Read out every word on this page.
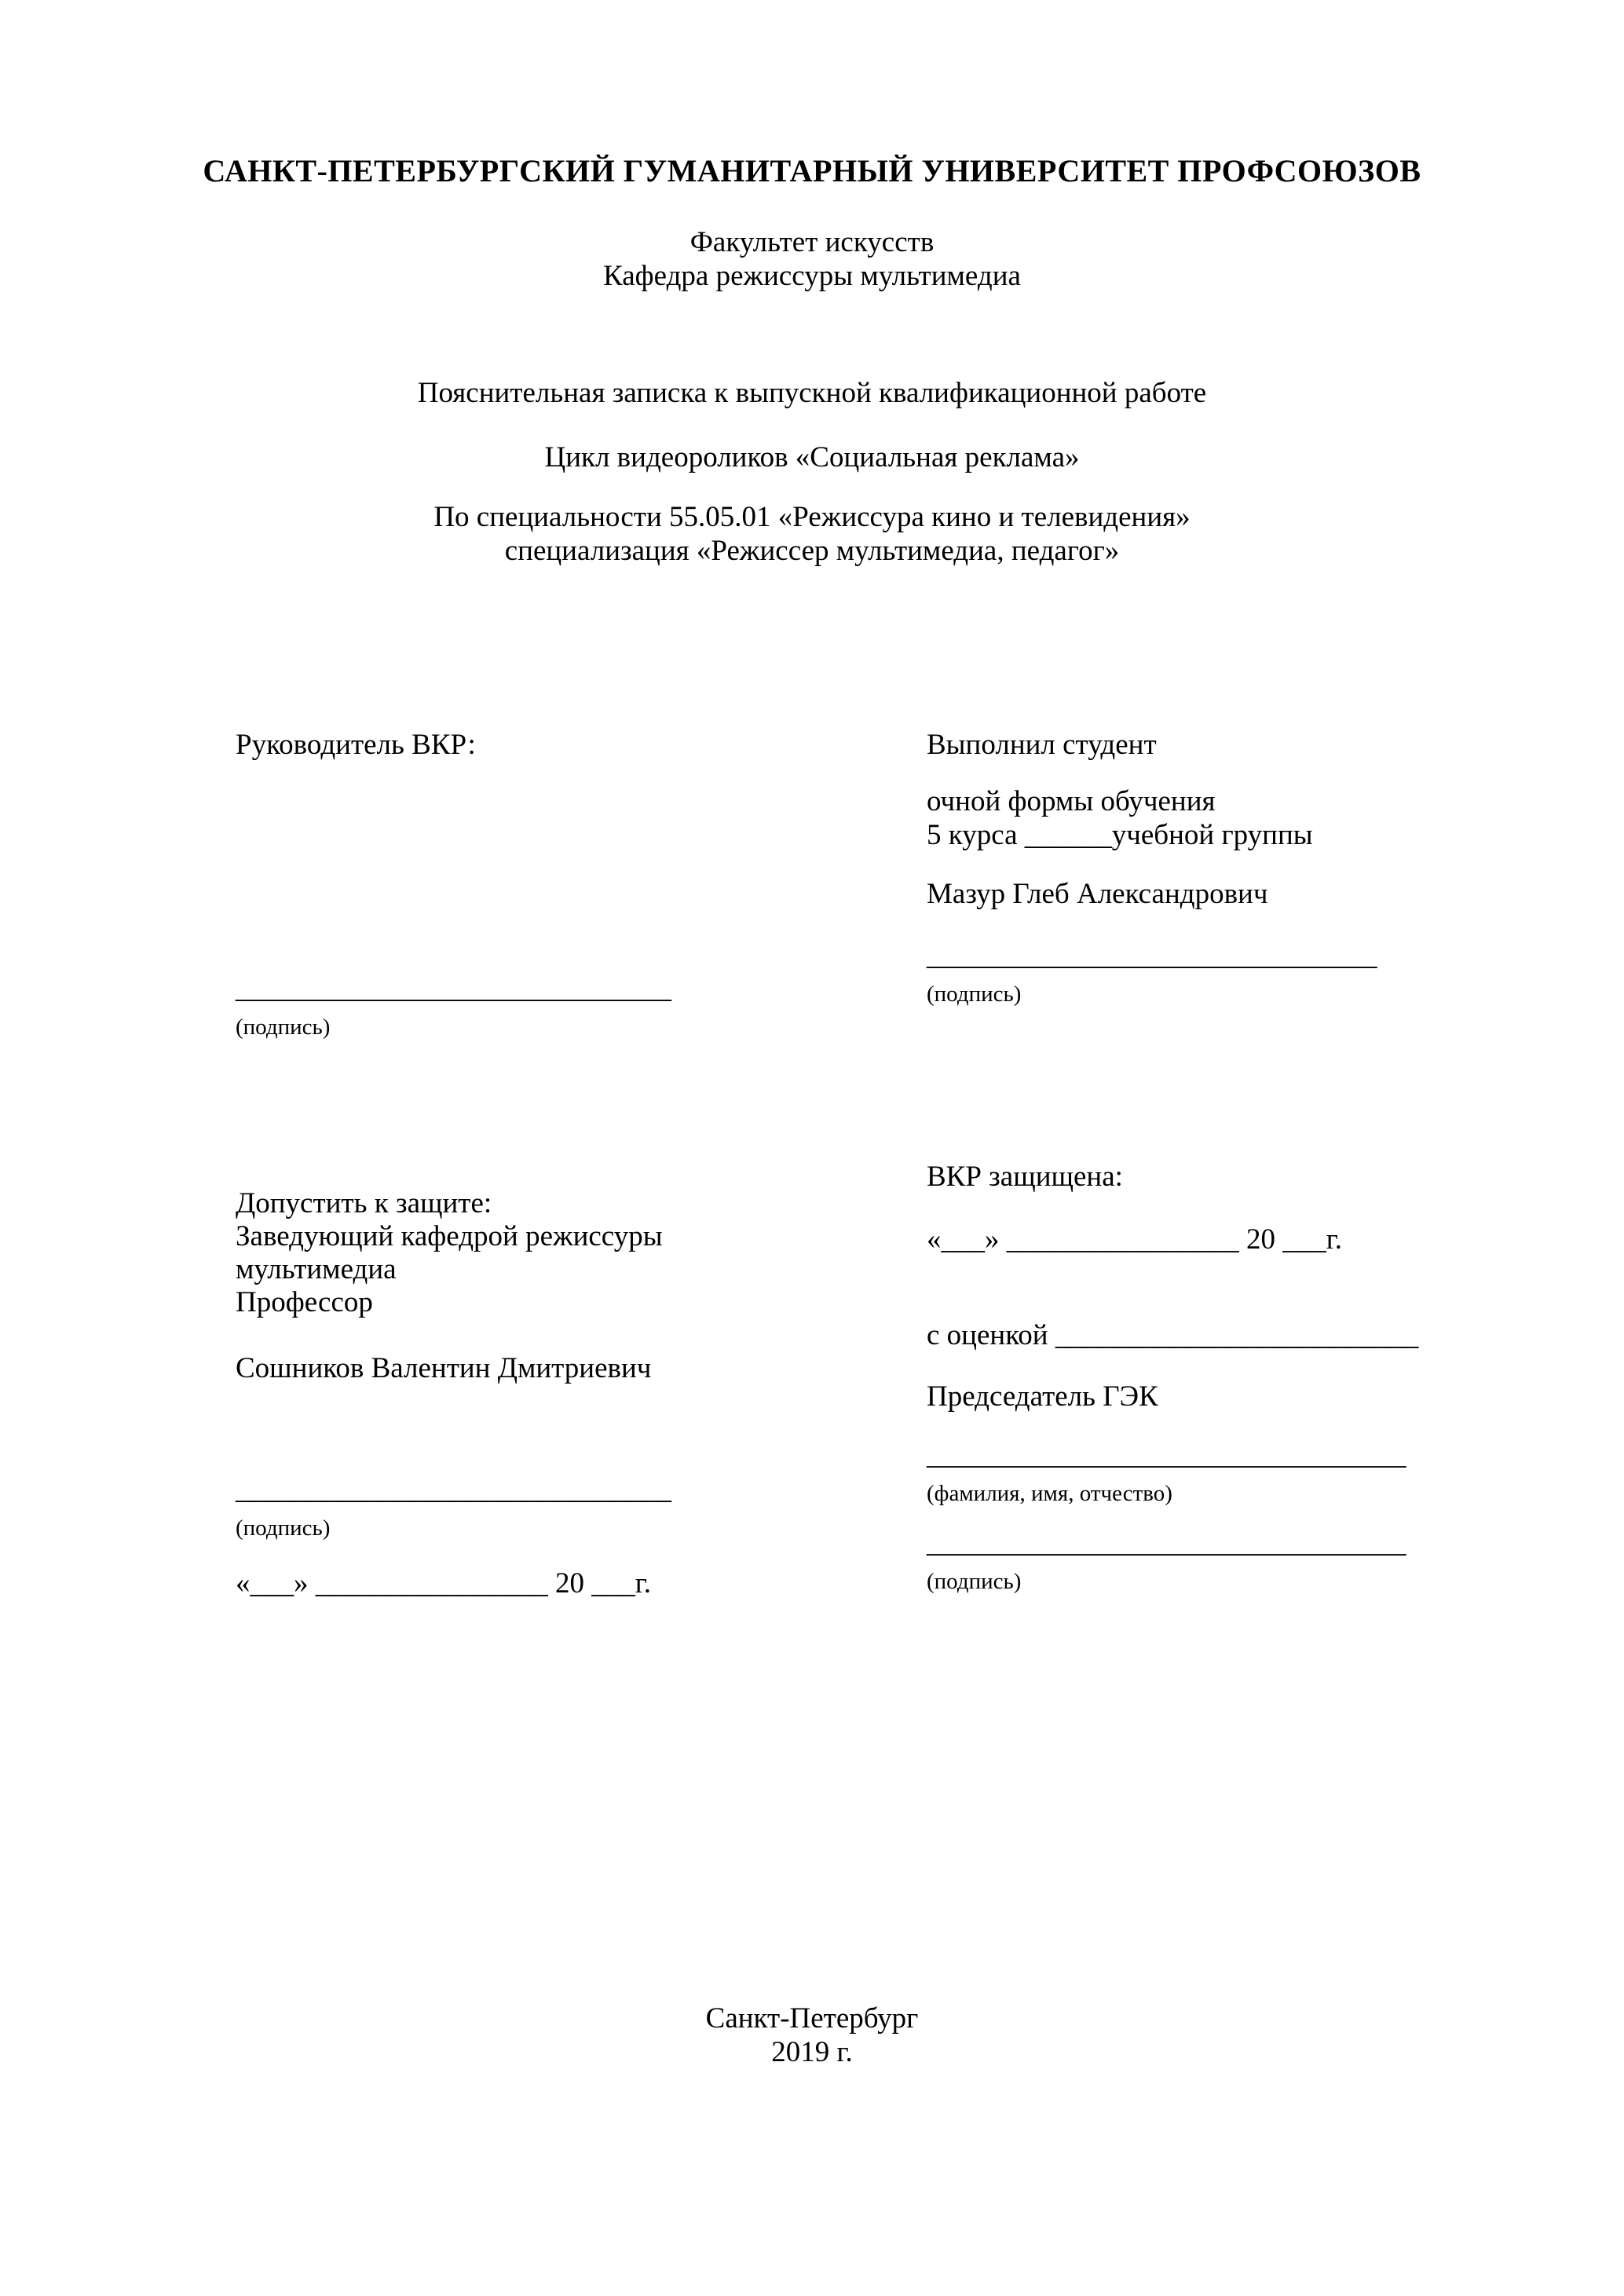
САНКТ-ПЕТЕРБУРГСКИЙ ГУМАНИТАРНЫЙ УНИВЕРСИТЕТ ПРОФСОЮЗОВ
Факультет искусств
Кафедра режиссуры мультимедиа
Пояснительная записка к выпускной квалификационной работе
Цикл видеороликов «Социальная реклама»
По специальности 55.05.01 «Режиссура кино и телевидения»
специализация «Режиссер мультимедиа, педагог»
Руководитель ВКР:
______________________________
(подпись)
Выполнил студент
очной формы обучения
5 курса ______учебной группы
Мазур Глеб Александрович
_______________________________
(подпись)
ВКР защищена:
«___» ________________ 20 ___г.
с оценкой _________________________
Председатель ГЭК
_________________________________
(фамилия, имя, отчество)
_________________________________
(подпись)
Допустить к защите:
Заведующий кафедрой режиссуры
мультимедиа
Профессор
Сошников Валентин Дмитриевич
______________________________
(подпись)
«___» ________________ 20 ___г.
Санкт-Петербург
2019 г.
